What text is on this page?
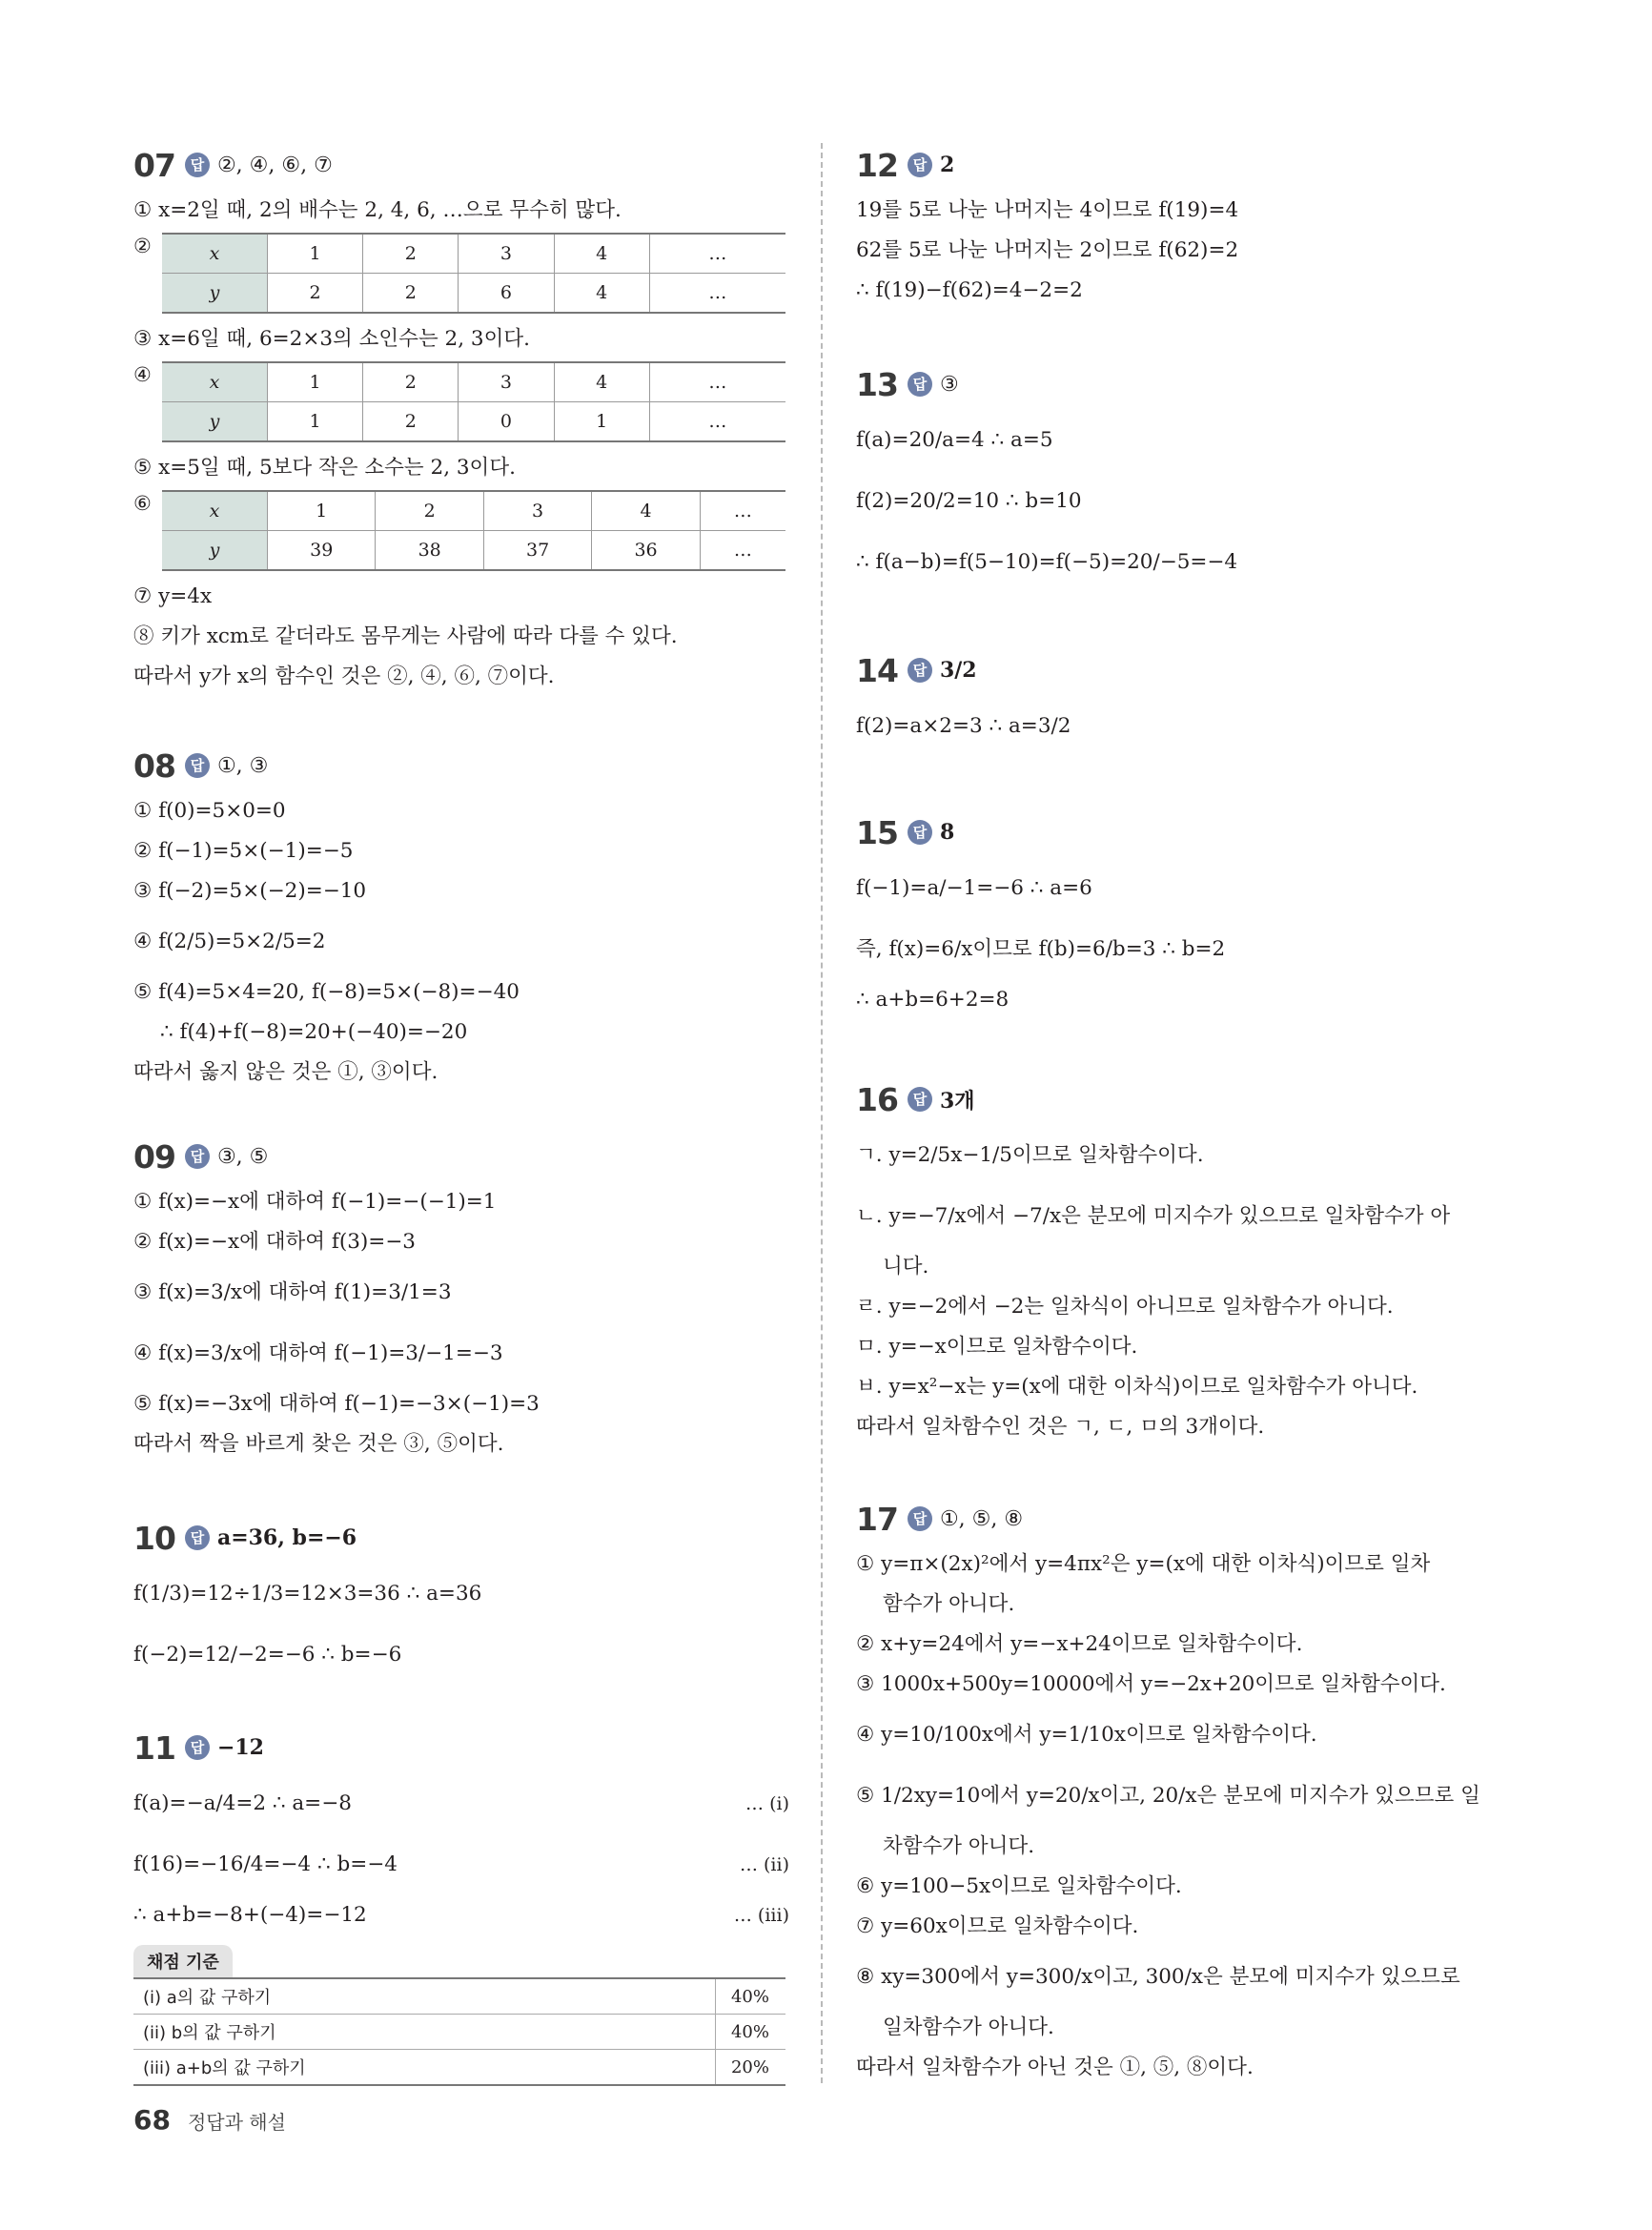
07	답 ②, ④, ⑥, ⑦
① x=2일 때, 2의 배수는 2, 4, 6, …으로 무수히 많다.
②	x	1	2	3	4	…
y	2	2	6	4	…
③ x=6일 때, 6=2×3의 소인수는 2, 3이다.
④	x	1	2	3	4	…
y	1	2	0	1	…
⑤ x=5일 때, 5보다 작은 소수는 2, 3이다.
⑥	x	1	2	3	4	…
y	39	38	37	36	…
⑦ y=4x
⑧ 키가 xcm로 같더라도 몸무게는 사람에 따라 다를 수 있다.
따라서 y가 x의 함수인 것은 ②, ④, ⑥, ⑦이다.
08	답 ①, ③
① f(0)=5×0=0
② f(−1)=5×(−1)=−5
③ f(−2)=5×(−2)=−10
④ f(2/5)=5×2/5=2
⑤ f(4)=5×4=20, f(−8)=5×(−8)=−40
∴ f(4)+f(−8)=20+(−40)=−20
따라서 옳지 않은 것은 ①, ③이다.
09	답 ③, ⑤
① f(x)=−x에 대하여 f(−1)=−(−1)=1
② f(x)=−x에 대하여 f(3)=−3
③ f(x)=3/x에 대하여 f(1)=3/1=3
④ f(x)=3/x에 대하여 f(−1)=3/−1=−3
⑤ f(x)=−3x에 대하여 f(−1)=−3×(−1)=3
따라서 짝을 바르게 찾은 것은 ③, ⑤이다.
10	답 a=36, b=−6
f(1/3)=12÷1/3=12×3=36 ∴ a=36
f(−2)=12/−2=−6 ∴ b=−6
11	답 −12
f(a)=−a/4=2 ∴ a=−8	… (i)
f(16)=−16/4=−4 ∴ b=−4	… (ii)
∴ a+b=−8+(−4)=−12	… (iii)
채점 기준
(i) a의 값 구하기	40%
(ii) b의 값 구하기	40%
(iii) a+b의 값 구하기	20%
12	답 2
19를 5로 나눈 나머지는 4이므로 f(19)=4
62를 5로 나눈 나머지는 2이므로 f(62)=2
∴ f(19)−f(62)=4−2=2
13	답 ③
f(a)=20/a=4 ∴ a=5
f(2)=20/2=10 ∴ b=10
∴ f(a−b)=f(5−10)=f(−5)=20/−5=−4
14	답 3/2
f(2)=a×2=3 ∴ a=3/2
15	답 8
f(−1)=a/−1=−6 ∴ a=6
즉, f(x)=6/x이므로 f(b)=6/b=3 ∴ b=2
∴ a+b=6+2=8
16	답 3개
ㄱ. y=2/5x−1/5이므로 일차함수이다.
ㄴ. y=−7/x에서 −7/x은 분모에 미지수가 있으므로 일차함수가 아
니다.
ㄹ. y=−2에서 −2는 일차식이 아니므로 일차함수가 아니다.
ㅁ. y=−x이므로 일차함수이다.
ㅂ. y=x²−x는 y=(x에 대한 이차식)이므로 일차함수가 아니다.
따라서 일차함수인 것은 ㄱ, ㄷ, ㅁ의 3개이다.
17	답 ①, ⑤, ⑧
① y=π×(2x)²에서 y=4πx²은 y=(x에 대한 이차식)이므로 일차
함수가 아니다.
② x+y=24에서 y=−x+24이므로 일차함수이다.
③ 1000x+500y=10000에서 y=−2x+20이므로 일차함수이다.
④ y=10/100x에서 y=1/10x이므로 일차함수이다.
⑤ 1/2xy=10에서 y=20/x이고, 20/x은 분모에 미지수가 있으므로 일
차함수가 아니다.
⑥ y=100−5x이므로 일차함수이다.
⑦ y=60x이므로 일차함수이다.
⑧ xy=300에서 y=300/x이고, 300/x은 분모에 미지수가 있으므로
일차함수가 아니다.
따라서 일차함수가 아닌 것은 ①, ⑤, ⑧이다.
68 정답과 해설
